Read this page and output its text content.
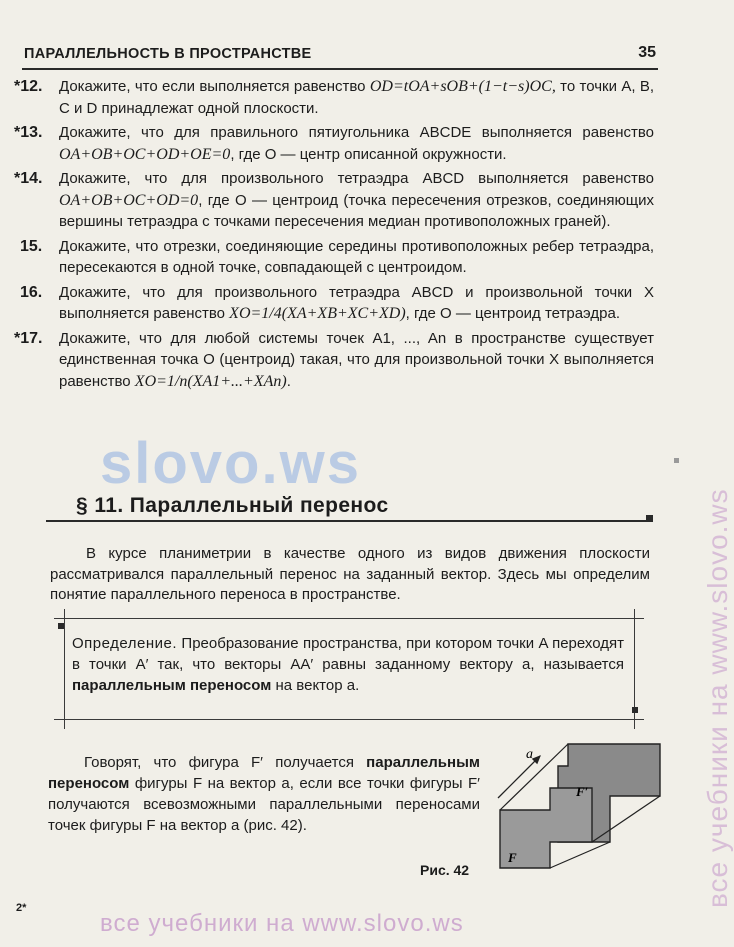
ПАРАЛЛЕЛЬНОСТЬ В ПРОСТРАНСТВЕ	35
*12.	Докажите, что если выполняется равенство OD=tOA+sOB+(1−t−s)OC, то точки A, B, C и D принадлежат одной плоскости.
*13.	Докажите, что для правильного пятиугольника ABCDE выполняется равенство OA+OB+OC+OD+OE=0, где O — центр описанной окружности.
*14.	Докажите, что для произвольного тетраэдра ABCD выполняется равенство OA+OB+OC+OD=0, где O — центроид (точка пересечения отрезков, соединяющих вершины тетраэдра с точками пересечения медиан противоположных граней).
15.	Докажите, что отрезки, соединяющие середины противоположных ребер тетраэдра, пересекаются в одной точке, совпадающей с центроидом.
16.	Докажите, что для произвольного тетраэдра ABCD и произвольной точки X выполняется равенство XO=1/4(XA+XB+XC+XD), где O — центроид тетраэдра.
*17.	Докажите, что для любой системы точек A1, ..., An в пространстве существует единственная точка O (центроид) такая, что для произвольной точки X выполняется равенство XO=1/n(XA1+...+XAn).
slovo.ws
§ 11. Параллельный перенос

В курсе планиметрии в качестве одного из видов движения плоскости рассматривался параллельный перенос на заданный вектор. Здесь мы определим понятие параллельного переноса в пространстве.

Определение. Преобразование пространства, при котором точки A переходят в точки A′ так, что векторы AA′ равны заданному вектору a, называется параллельным переносом на вектор a.

Говорят, что фигура F′ получается параллельным переносом фигуры F на вектор a, если все точки фигуры F′ получаются всевозможными параллельными переносами точек фигуры F на вектор a (рис. 42).

a
F′
F
Рис. 42	все учебники на www.slovo.ws
все учебники на www.slovo.ws
2*
